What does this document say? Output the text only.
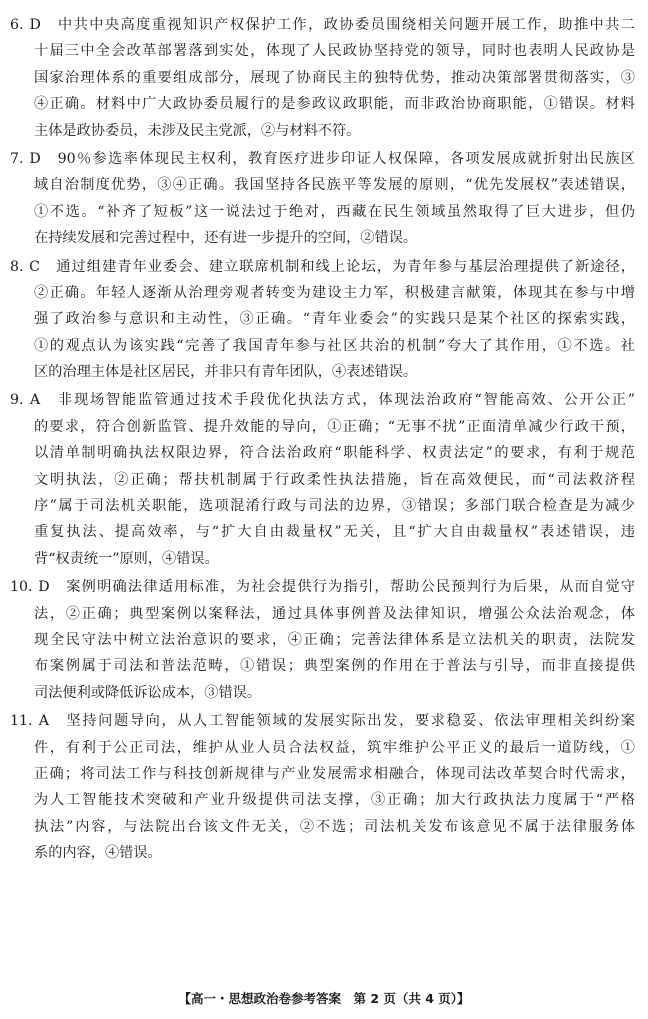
6. D　中共中央高度重视知识产权保护工作，政协委员围绕相关问题开展工作，助推中共二
十届三中全会改革部署落到实处，体现了人民政协坚持党的领导，同时也表明人民政协是
国家治理体系的重要组成部分，展现了协商民主的独特优势，推动决策部署贯彻落实，③
④正确。材料中广大政协委员履行的是参政议政职能，而非政治协商职能，①错误。材料
主体是政协委员，未涉及民主党派，②与材料不符。
7. D　90％参选率体现民主权利，教育医疗进步印证人权保障，各项发展成就折射出民族区
域自治制度优势，③④正确。我国坚持各民族平等发展的原则，“优先发展权”表述错误，
①不选。“补齐了短板”这一说法过于绝对，西藏在民生领域虽然取得了巨大进步，但仍
在持续发展和完善过程中，还有进一步提升的空间，②错误。
8. C　通过组建青年业委会、建立联席机制和线上论坛，为青年参与基层治理提供了新途径，
②正确。年轻人逐渐从治理旁观者转变为建设主力军，积极建言献策，体现其在参与中增
强了政治参与意识和主动性，③正确。“青年业委会”的实践只是某个社区的探索实践，
①的观点认为该实践“完善了我国青年参与社区共治的机制”夸大了其作用，①不选。社
区的治理主体是社区居民，并非只有青年团队，④表述错误。
9. A　非现场智能监管通过技术手段优化执法方式，体现法治政府“智能高效、公开公正”
的要求，符合创新监管、提升效能的导向，①正确；“无事不扰”正面清单减少行政干预，
以清单制明确执法权限边界，符合法治政府“职能科学、权责法定”的要求，有利于规范
文明执法，②正确；帮扶机制属于行政柔性执法措施，旨在高效便民，而“司法救济程
序”属于司法机关职能，选项混淆行政与司法的边界，③错误；多部门联合检查是为减少
重复执法、提高效率，与“扩大自由裁量权”无关，且“扩大自由裁量权”表述错误，违
背“权责统一”原则，④错误。
10. D　案例明确法律适用标准，为社会提供行为指引，帮助公民预判行为后果，从而自觉守
法，②正确；典型案例以案释法，通过具体事例普及法律知识，增强公众法治观念，体
现全民守法中树立法治意识的要求，④正确；完善法律体系是立法机关的职责，法院发
布案例属于司法和普法范畴，①错误；典型案例的作用在于普法与引导，而非直接提供
司法便利或降低诉讼成本，③错误。
11. A　坚持问题导向，从人工智能领域的发展实际出发，要求稳妥、依法审理相关纠纷案
件，有利于公正司法，维护从业人员合法权益，筑牢维护公平正义的最后一道防线，①
正确；将司法工作与科技创新规律与产业发展需求相融合，体现司法改革契合时代需求，
为人工智能技术突破和产业升级提供司法支撑，③正确；加大行政执法力度属于“严格
执法”内容，与法院出台该文件无关，②不选；司法机关发布该意见不属于法律服务体
系的内容，④错误。
【高一・思想政治卷参考答案　第 2 页（共 4 页）】
